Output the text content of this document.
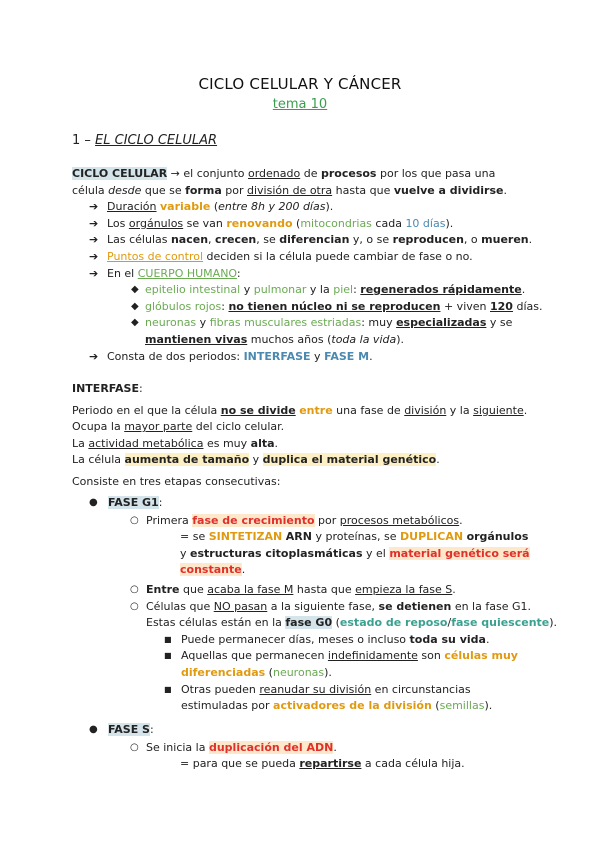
CICLO CELULAR Y CÁNCER
tema 10
1 – EL CICLO CELULAR
CICLO CELULAR → el conjunto ordenado de procesos por los que pasa una
célula desde que se forma por división de otra hasta que vuelve a dividirse.
➔ Duración variable (entre 8h y 200 días).
➔ Los orgánulos se van renovando (mitocondrias cada 10 días).
➔ Las células nacen, crecen, se diferencian y, o se reproducen, o mueren.
➔ Puntos de control deciden si la célula puede cambiar de fase o no.
➔ En el CUERPO HUMANO:
◆ epitelio intestinal y pulmonar y la piel: regenerados rápidamente.
◆ glóbulos rojos: no tienen núcleo ni se reproducen + viven 120 días.
◆ neuronas y fibras musculares estriadas: muy especializadas y se
mantienen vivas muchos años (toda la vida).
➔ Consta de dos periodos: INTERFASE y FASE M.
INTERFASE:
Periodo en el que la célula no se divide entre una fase de división y la siguiente.
Ocupa la mayor parte del ciclo celular.
La actividad metabólica es muy alta.
La célula aumenta de tamaño y duplica el material genético.
Consiste en tres etapas consecutivas:
● FASE G1:
○ Primera fase de crecimiento por procesos metabólicos.
= se SINTETIZAN ARN y proteínas, se DUPLICAN orgánulos
y estructuras citoplasmáticas y el material genético será
constante.
○ Entre que acaba la fase M hasta que empieza la fase S.
○ Células que NO pasan a la siguiente fase, se detienen en la fase G1.
Estas células están en la fase G0 (estado de reposo/fase quiescente).
■ Puede permanecer días, meses o incluso toda su vida.
■ Aquellas que permanecen indefinidamente son células muy
diferenciadas (neuronas).
■ Otras pueden reanudar su división en circunstancias
estimuladas por activadores de la división (semillas).
● FASE S:
○ Se inicia la duplicación del ADN.
= para que se pueda repartirse a cada célula hija.
